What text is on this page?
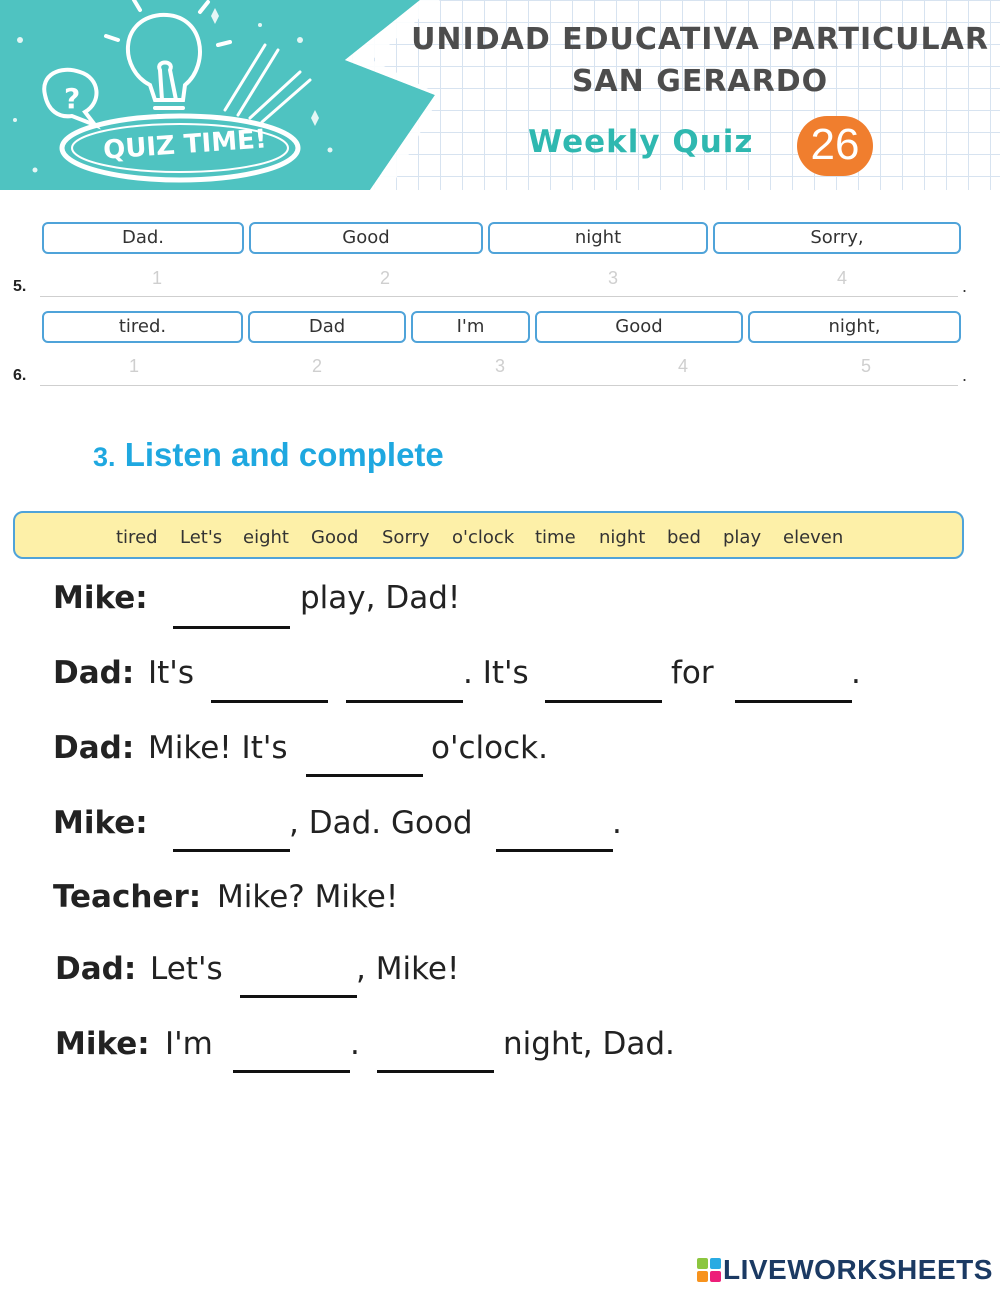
?
QUIZ TIME!
UNIDAD EDUCATIVA PARTICULAR
SAN GERARDO
Weekly Quiz	26
Dad.	Good	night	Sorry,
5.	1	2	3	4	.
tired.	Dad	I'm	Good	night,
6.	1	2	3	4	5	.
3. Listen and complete
tired Let's eight Good Sorry o'clock time night bed play eleven
Mike:	play, Dad!
Dad: It's	. It's	for	.
Dad: Mike! It's	o'clock.
Mike:	, Dad. Good	.
Teacher: Mike? Mike!
Dad: Let's	, Mike!
Mike: I'm	.	night, Dad.
LIVEWORKSHEETS
